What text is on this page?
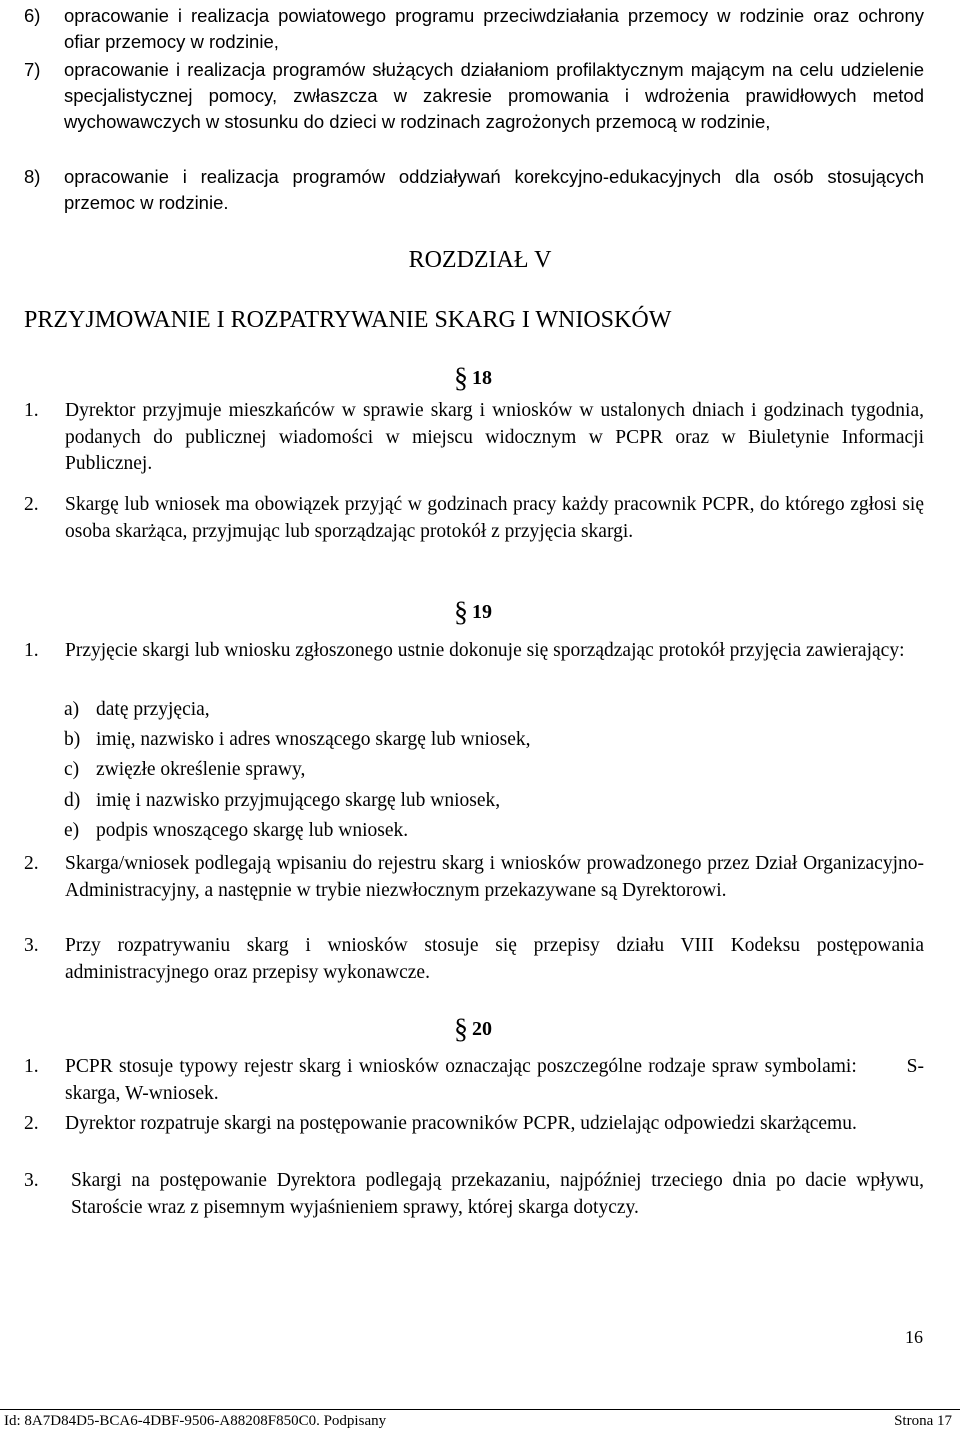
6) opracowanie i realizacja powiatowego programu przeciwdziałania przemocy w rodzinie oraz ochrony ofiar przemocy w rodzinie,
7) opracowanie i realizacja programów służących działaniom profilaktycznym mającym na celu udzielenie specjalistycznej pomocy, zwłaszcza w zakresie promowania i wdrożenia prawidłowych metod wychowawczych w stosunku do dzieci w rodzinach zagrożonych przemocą w rodzinie,
8) opracowanie i realizacja programów oddziaływań korekcyjno-edukacyjnych dla osób stosujących przemoc w rodzinie.
ROZDZIAŁ V
PRZYJMOWANIE I ROZPATRYWANIE SKARG I WNIOSKÓW
§ 18
1. Dyrektor przyjmuje mieszkańców w sprawie skarg i wniosków w ustalonych dniach i godzinach tygodnia, podanych do publicznej wiadomości w miejscu widocznym w PCPR oraz w Biuletynie Informacji Publicznej.
2. Skargę lub wniosek ma obowiązek przyjąć w godzinach pracy każdy pracownik PCPR, do którego zgłosi się osoba skarżąca, przyjmując lub sporządzając protokół z przyjęcia skargi.
§ 19
1. Przyjęcie skargi lub wniosku zgłoszonego ustnie dokonuje się sporządzając protokół przyjęcia zawierający:
a) datę przyjęcia,
b) imię, nazwisko i adres wnoszącego skargę lub wniosek,
c) zwięzłe określenie sprawy,
d) imię i nazwisko przyjmującego skargę lub wniosek,
e) podpis wnoszącego skargę lub wniosek.
2. Skarga/wniosek podlegają wpisaniu do rejestru skarg i wniosków prowadzonego przez Dział Organizacyjno-Administracyjny, a następnie w trybie niezwłocznym przekazywane są Dyrektorowi.
3. Przy rozpatrywaniu skarg i wniosków stosuje się przepisy działu VIII Kodeksu postępowania administracyjnego oraz przepisy wykonawcze.
§ 20
1. PCPR stosuje typowy rejestr skarg i wniosków oznaczając poszczególne rodzaje spraw symbolami:        S-skarga, W-wniosek.
2. Dyrektor rozpatruje skargi na postępowanie pracowników PCPR, udzielając odpowiedzi skarżącemu.
3. Skargi na postępowanie Dyrektora podlegają przekazaniu, najpóźniej trzeciego dnia po dacie wpływu, Staroście wraz z pisemnym wyjaśnieniem sprawy, której skarga dotyczy.
16
Id: 8A7D84D5-BCA6-4DBF-9506-A88208F850C0. Podpisany	Strona 17
